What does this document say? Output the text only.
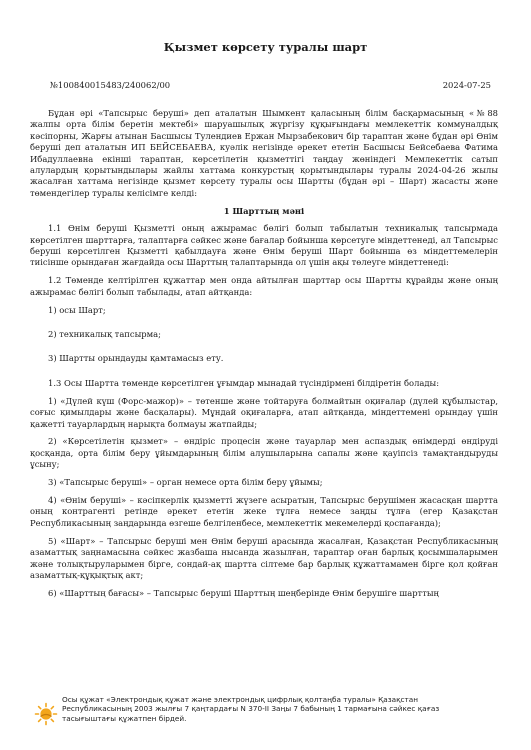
Қызмет көрсету туралы шарт
№100840015483/240062/00	2024-07-25

Бұдан әрі «Тапсырыс беруші» деп аталатын Шымкент қаласының білім басқармасының «№88 жалпы орта білім беретін мектебі» шаруашылық жүргізу құқығындағы мемлекеттік коммуналдық кәсіпорны, Жарғы атынан Басшысы Тулендиев Ержан Мырзабекович бір тараптан және бұдан әрі Өнім беруші деп аталатын ИП БЕЙСЕБАЕВА, куәлік негізінде әрекет ететін Басшысы Бейсебаева Фатима Ибадуллаевна екінші тараптан, көрсетілетін қызметтігі таңдау жөніндегі Мемлекеттік сатып алулардың қорытындылары жайлы хаттама конкурстың қорытындылары туралы 2024-04-26 жылы жасалған хаттама негізінде қызмет көрсету туралы осы Шартты (бұдан әрі – Шарт) жасасты және төмендегілер туралы келісімге келді:

1 Шарттың мәні

1.1 Өнім беруші Қызметті оның ажырамас бөлігі болып табылатын техникалық тапсырмада көрсетілген шарттарға, талаптарға сәйкес және бағалар бойынша көрсетуге міндеттенеді, ал Тапсырыс беруші көрсетілген Қызметті қабылдауға және Өнім беруші Шарт бойынша өз міндеттемелерін тиісінше орындаған жағдайда осы Шарттың талаптарында ол үшін ақы төлеуге міндеттенеді:

1.2 Төменде келтірілген құжаттар мен онда айтылған шарттар осы Шартты құрайды және оның ажырамас бөлігі болып табылады, атап айтқанда:

1) осы Шарт;

2) техникалық тапсырма;

3) Шартты орындауды қамтамасыз ету.

1.3 Осы Шартта төменде көрсетілген ұғымдар мынадай түсіндірмені білдіретін болады:

1) «Дүлей күш (Форс-мажор)» – төтенше және тойтаруға болмайтын оқиғалар (дүлей құбылыстар, соғыс қимылдары және басқалары). Мұндай оқиғаларға, атап айтқанда, міндеттемені орындау үшін қажетті тауарлардың нарықта болмауы жатпайды;

2) «Көрсетілетін қызмет» – өндіріс процесін және тауарлар мен аспаздық өнімдерді өндіруді қосқанда, орта білім беру ұйымдарының білім алушыларына сапалы және қауіпсіз тамақтандыруды ұсыну;

3) «Тапсырыс беруші» – орган немесе орта білім беру ұйымы;

4) «Өнім беруші» – кәсіпкерлік қызметті жүзеге асыратын, Тапсырыс берушімен жасасқан шартта оның контрагенті ретінде әрекет ететін жеке тұлға немесе заңды тұлға (егер Қазақстан Республикасының заңдарында өзгеше белгіленбесе, мемлекеттік мекемелерді қоспағанда);

5) «Шарт» – Тапсырыс беруші мен Өнім беруші арасында жасалған, Қазақстан Республикасының азаматтық заңнамасына сәйкес жазбаша нысанда жазылған, тараптар оған барлық қосымшаларымен және толықтыруларымен бірге, сондай-ақ шартта сілтеме бар барлық құжаттамамен бірге қол қойған азаматтық-құқықтық акт;

6) «Шарттың бағасы» – Тапсырыс беруші Шарттың шеңберінде Өнім берушіге шарттың

Осы құжат «Электрондық құжат және электрондық цифрлық қолтаңба туралы» Қазақстан
Республикасының 2003 жылғы 7 қаңтардағы N 370-II Заңы 7 бабының 1 тармағына сәйкес қағаз
тасығыштағы құжатпен бірдей.
